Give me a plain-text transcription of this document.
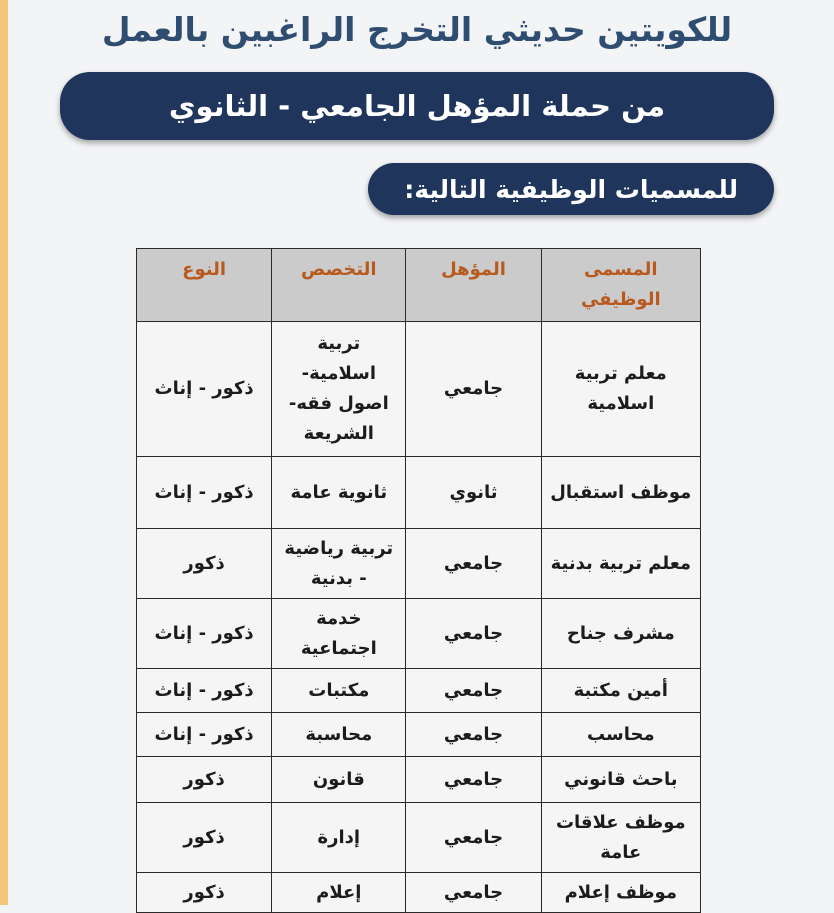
للكويتين حديثي التخرج الراغبين بالعمل
من حملة المؤهل الجامعي - الثانوي
للمسميات الوظيفية التالية:
المسمى الوظيفي	المؤهل	التخصص	النوع
معلم تربية اسلامية	جامعي	تربية اسلامية- اصول فقه- الشريعة	ذكور - إناث
موظف استقبال	ثانوي	ثانوية عامة	ذكور - إناث
معلم تربية بدنية	جامعي	تربية رياضية - بدنية	ذكور
مشرف جناح	جامعي	خدمة اجتماعية	ذكور - إناث
أمين مكتبة	جامعي	مكتبات	ذكور - إناث
محاسب	جامعي	محاسبة	ذكور - إناث
باحث قانوني	جامعي	قانون	ذكور
موظف علاقات عامة	جامعي	إدارة	ذكور
موظف إعلام	جامعي	إعلام	ذكور
